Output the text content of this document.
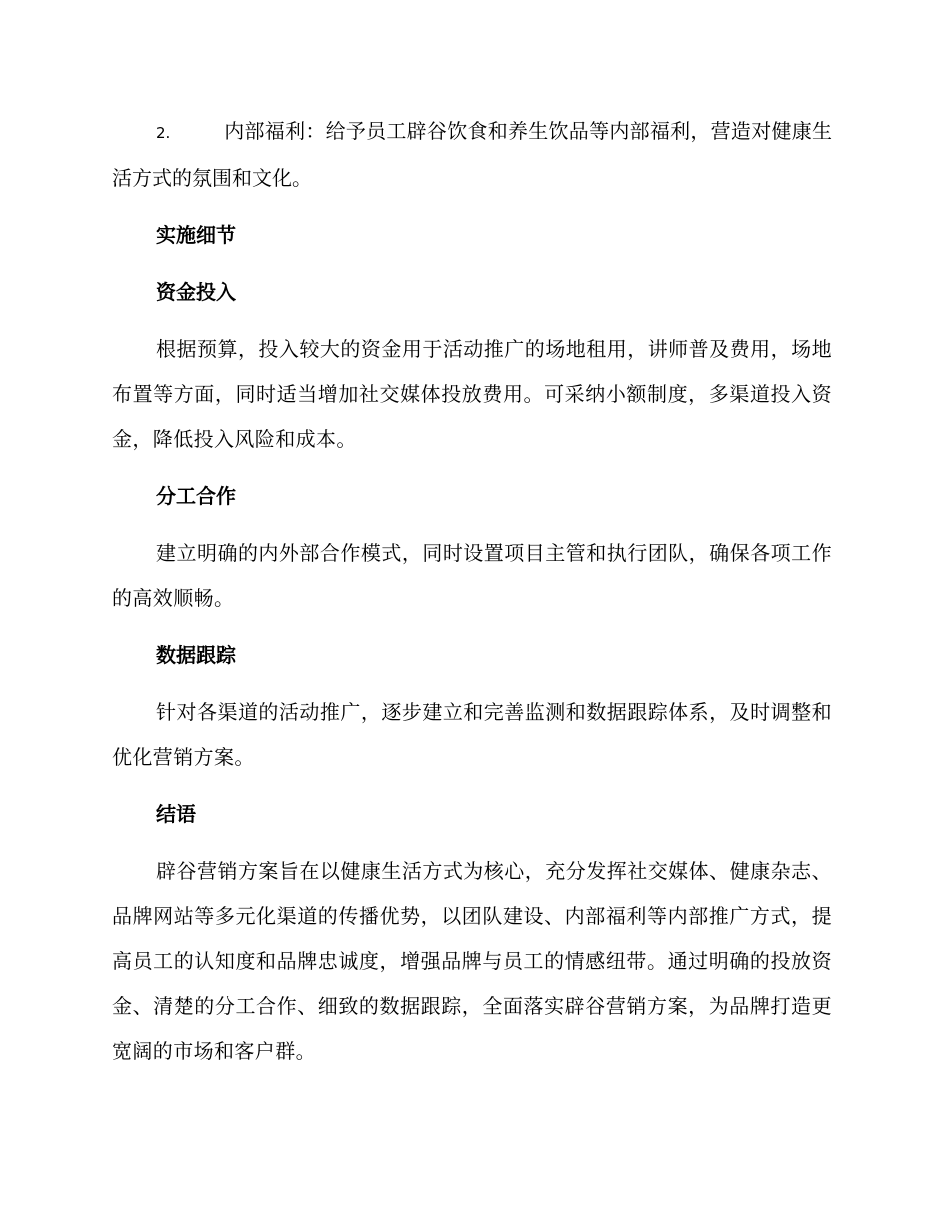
2.	内部福利：给予员工辟谷饮食和养生饮品等内部福利，营造对健康生活方式的氛围和文化。

实施细节

资金投入

根据预算，投入较大的资金用于活动推广的场地租用，讲师普及费用，场地布置等方面，同时适当增加社交媒体投放费用。可采纳小额制度，多渠道投入资金，降低投入风险和成本。

分工合作

建立明确的内外部合作模式，同时设置项目主管和执行团队，确保各项工作的高效顺畅。

数据跟踪

针对各渠道的活动推广，逐步建立和完善监测和数据跟踪体系，及时调整和优化营销方案。

结语

辟谷营销方案旨在以健康生活方式为核心，充分发挥社交媒体、健康杂志、品牌网站等多元化渠道的传播优势，以团队建设、内部福利等内部推广方式，提高员工的认知度和品牌忠诚度，增强品牌与员工的情感纽带。通过明确的投放资金、清楚的分工合作、细致的数据跟踪，全面落实辟谷营销方案，为品牌打造更宽阔的市场和客户群。
